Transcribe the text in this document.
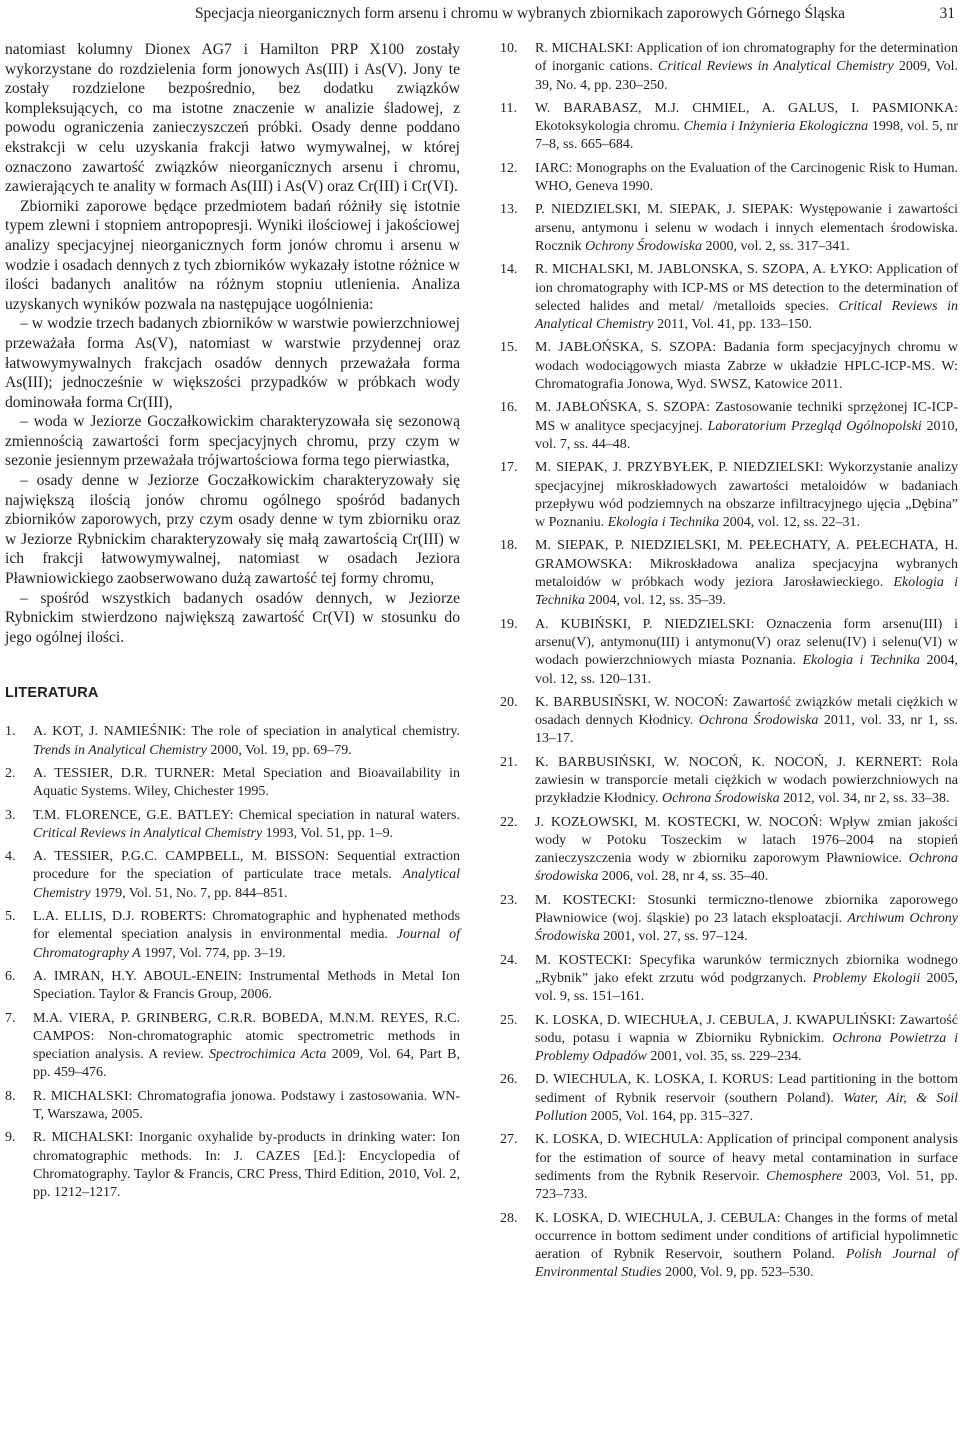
Specjacja nieorganicznych form arsenu i chromu w wybranych zbiornikach zaporowych Górnego Śląska	31

natomiast kolumny Dionex AG7 i Hamilton PRP X100 zostały wykorzystane do rozdzielenia form jonowych As(III) i As(V). Jony te zostały rozdzielone bezpośrednio, bez dodatku związków kompleksujących, co ma istotne znaczenie w analizie śladowej, z powodu ograniczenia zanieczyszczeń próbki. Osady denne poddano ekstrakcji w celu uzyskania frakcji łatwo wymywalnej, w której oznaczono zawartość związków nieorganicznych arsenu i chromu, zawierających te anality w formach As(III) i As(V) oraz Cr(III) i Cr(VI).

Zbiorniki zaporowe będące przedmiotem badań różniły się istotnie typem zlewni i stopniem antropopresji. Wyniki ilościowej i jakościowej analizy specjacyjnej nieorganicznych form jonów chromu i arsenu w wodzie i osadach dennych z tych zbiorników wykazały istotne różnice w ilości badanych analitów na różnym stopniu utlenienia. Analiza uzyskanych wyników pozwala na następujące uogólnienia:

– w wodzie trzech badanych zbiorników w warstwie powierzchniowej przeważała forma As(V), natomiast w warstwie przydennej oraz łatwowymywalnych frakcjach osadów dennych przeważała forma As(III); jednocześnie w większości przypadków w próbkach wody dominowała forma Cr(III),

– woda w Jeziorze Goczałkowickim charakteryzowała się sezonową zmiennością zawartości form specjacyjnych chromu, przy czym w sezonie jesiennym przeważała trójwartościowa forma tego pierwiastka,

– osady denne w Jeziorze Goczałkowickim charakteryzowały się największą ilością jonów chromu ogólnego spośród badanych zbiorników zaporowych, przy czym osady denne w tym zbiorniku oraz w Jeziorze Rybnickim charakteryzowały się małą zawartością Cr(III) w ich frakcji łatwowymywalnej, natomiast w osadach Jeziora Pławniowickiego zaobserwowano dużą zawartość tej formy chromu,

– spośród wszystkich badanych osadów dennych, w Jeziorze Rybnickim stwierdzono największą zawartość Cr(VI) w stosunku do jego ogólnej ilości.

LITERATURA
1. A. KOT, J. NAMIEŚNIK: The role of speciation in analytical chemistry. Trends in Analytical Chemistry 2000, Vol. 19, pp. 69–79.
2. A. TESSIER, D.R. TURNER: Metal Speciation and Bioavailability in Aquatic Systems. Wiley, Chichester 1995.
3. T.M. FLORENCE, G.E. BATLEY: Chemical speciation in natural waters. Critical Reviews in Analytical Chemistry 1993, Vol. 51, pp. 1–9.
4. A. TESSIER, P.G.C. CAMPBELL, M. BISSON: Sequential extraction procedure for the speciation of particulate trace metals. Analytical Chemistry 1979, Vol. 51, No. 7, pp. 844–851.
5. L.A. ELLIS, D.J. ROBERTS: Chromatographic and hyphenated methods for elemental speciation analysis in environmental media. Journal of Chromatography A 1997, Vol. 774, pp. 3–19.
6. A. IMRAN, H.Y. ABOUL-ENEIN: Instrumental Methods in Metal Ion Speciation. Taylor & Francis Group, 2006.
7. M.A. VIERA, P. GRINBERG, C.R.R. BOBEDA, M.N.M. REYES, R.C. CAMPOS: Non-chromatographic atomic spectrometric methods in speciation analysis. A review. Spectrochimica Acta 2009, Vol. 64, Part B, pp. 459–476.
8. R. MICHALSKI: Chromatografia jonowa. Podstawy i zastosowania. WN-T, Warszawa, 2005.
9. R. MICHALSKI: Inorganic oxyhalide by-products in drinking water: Ion chromatographic methods. In: J. CAZES [Ed.]: Encyclopedia of Chromatography. Taylor & Francis, CRC Press, Third Edition, 2010, Vol. 2, pp. 1212–1217.
10. R. MICHALSKI: Application of ion chromatography for the determination of inorganic cations. Critical Reviews in Analytical Chemistry 2009, Vol. 39, No. 4, pp. 230–250.
11. W. BARABASZ, M.J. CHMIEL, A. GALUS, I. PASMIONKA: Ekotoksykologia chromu. Chemia i Inżynieria Ekologiczna 1998, vol. 5, nr 7–8, ss. 665–684.
12. IARC: Monographs on the Evaluation of the Carcinogenic Risk to Human. WHO, Geneva 1990.
13. P. NIEDZIELSKI, M. SIEPAK, J. SIEPAK: Występowanie i zawartości arsenu, antymonu i selenu w wodach i innych elementach środowiska. Rocznik Ochrony Środowiska 2000, vol. 2, ss. 317–341.
14. R. MICHALSKI, M. JABLONSKA, S. SZOPA, A. ŁYKO: Application of ion chromatography with ICP-MS or MS detection to the determination of selected halides and metal/ /metalloids species. Critical Reviews in Analytical Chemistry 2011, Vol. 41, pp. 133–150.
15. M. JABŁOŃSKA, S. SZOPA: Badania form specjacyjnych chromu w wodach wodociągowych miasta Zabrze w układzie HPLC-ICP-MS. W: Chromatografia Jonowa, Wyd. SWSZ, Katowice 2011.
16. M. JABŁOŃSKA, S. SZOPA: Zastosowanie techniki sprzężonej IC-ICP-MS w analityce specjacyjnej. Laboratorium Przegląd Ogólnopolski 2010, vol. 7, ss. 44–48.
17. M. SIEPAK, J. PRZYBYŁEK, P. NIEDZIELSKI: Wykorzystanie analizy specjacyjnej mikroskładowych zawartości metaloidów w badaniach przepływu wód podziemnych na obszarze infiltracyjnego ujęcia „Dębina” w Poznaniu. Ekologia i Technika 2004, vol. 12, ss. 22–31.
18. M. SIEPAK, P. NIEDZIELSKI, M. PEŁECHATY, A. PEŁECHATA, H. GRAMOWSKA: Mikroskładowa analiza specjacyjna wybranych metaloidów w próbkach wody jeziora Jarosławieckiego. Ekologia i Technika 2004, vol. 12, ss. 35–39.
19. A. KUBIŃSKI, P. NIEDZIELSKI: Oznaczenia form arsenu(III) i arsenu(V), antymonu(III) i antymonu(V) oraz selenu(IV) i selenu(VI) w wodach powierzchniowych miasta Poznania. Ekologia i Technika 2004, vol. 12, ss. 120–131.
20. K. BARBUSIŃSKI, W. NOCOŃ: Zawartość związków metali ciężkich w osadach dennych Kłodnicy. Ochrona Środowiska 2011, vol. 33, nr 1, ss. 13–17.
21. K. BARBUSIŃSKI, W. NOCOŃ, K. NOCOŃ, J. KERNERT: Rola zawiesin w transporcie metali ciężkich w wodach powierzchniowych na przykładzie Kłodnicy. Ochrona Środowiska 2012, vol. 34, nr 2, ss. 33–38.
22. J. KOZŁOWSKI, M. KOSTECKI, W. NOCOŃ: Wpływ zmian jakości wody w Potoku Toszeckim w latach 1976–2004 na stopień zanieczyszczenia wody w zbiorniku zaporowym Pławniowice. Ochrona środowiska 2006, vol. 28, nr 4, ss. 35–40.
23. M. KOSTECKI: Stosunki termiczno-tlenowe zbiornika zaporowego Pławniowice (woj. śląskie) po 23 latach eksploatacji. Archiwum Ochrony Środowiska 2001, vol. 27, ss. 97–124.
24. M. KOSTECKI: Specyfika warunków termicznych zbiornika wodnego „Rybnik” jako efekt zrzutu wód podgrzanych. Problemy Ekologii 2005, vol. 9, ss. 151–161.
25. K. LOSKA, D. WIECHUŁA, J. CEBULA, J. KWAPULIŃSKI: Zawartość sodu, potasu i wapnia w Zbiorniku Rybnickim. Ochrona Powietrza i Problemy Odpadów 2001, vol. 35, ss. 229–234.
26. D. WIECHULA, K. LOSKA, I. KORUS: Lead partitioning in the bottom sediment of Rybnik reservoir (southern Poland). Water, Air, & Soil Pollution 2005, Vol. 164, pp. 315–327.
27. K. LOSKA, D. WIECHULA: Application of principal component analysis for the estimation of source of heavy metal contamination in surface sediments from the Rybnik Reservoir. Chemosphere 2003, Vol. 51, pp. 723–733.
28. K. LOSKA, D. WIECHULA, J. CEBULA: Changes in the forms of metal occurrence in bottom sediment under conditions of artificial hypolimnetic aeration of Rybnik Reservoir, southern Poland. Polish Journal of Environmental Studies 2000, Vol. 9, pp. 523–530.
